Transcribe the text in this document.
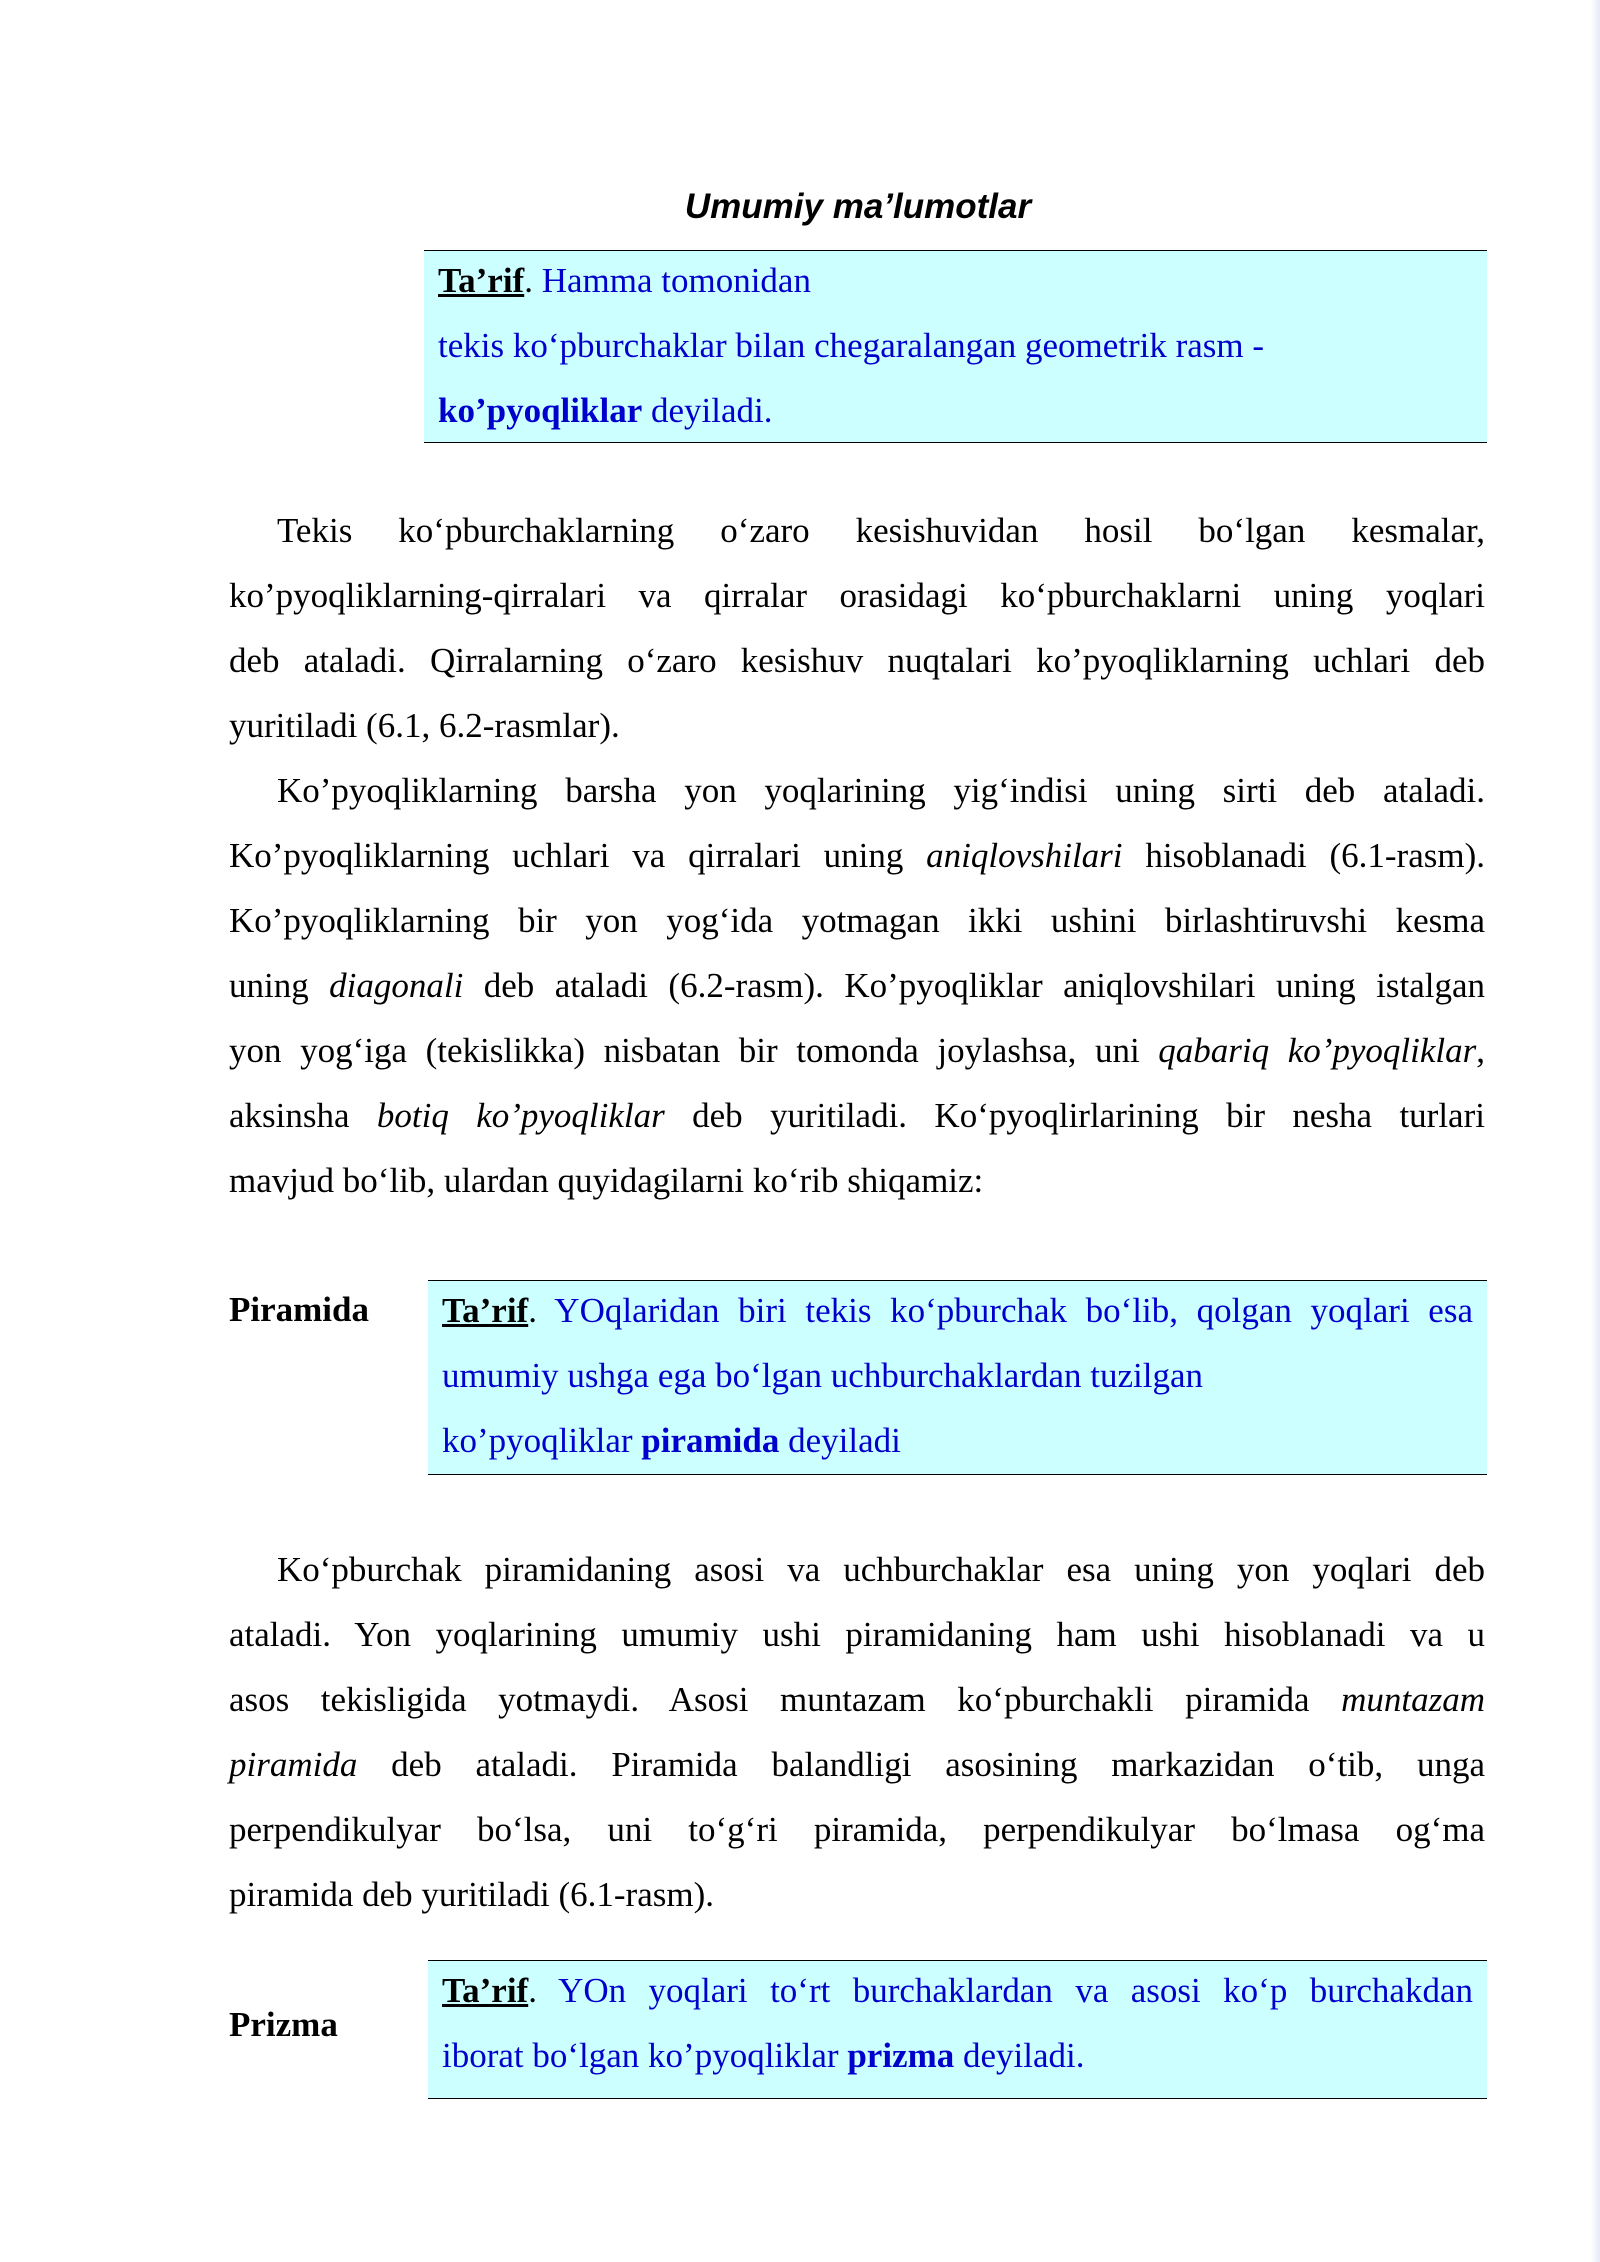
Umumiy ma’lumotlar

Ta’rif. Hamma tomonidan

tekis ko‘pburchaklar bilan chegaralangan geometrik rasm -

ko’pyoqliklar deyiladi.

Tekis ko‘pburchaklarning o‘zaro kesishuvidan hosil bo‘lgan kesmalar,
ko’pyoqliklarning-qirralari va qirralar orasidagi ko‘pburchaklarni uning yoqlari
deb ataladi. Qirralarning o‘zaro kesishuv nuqtalari ko’pyoqliklarning uchlari deb
yuritiladi (6.1, 6.2-rasmlar).
Ko’pyoqliklarning barsha yon yoqlarining yig‘indisi uning sirti deb ataladi.
Ko’pyoqliklarning uchlari va qirralari uning aniqlovshilari hisoblanadi (6.1-rasm).
Ko’pyoqliklarning bir yon yog‘ida yotmagan ikki ushini birlashtiruvshi kesma
uning diagonali deb ataladi (6.2-rasm). Ko’pyoqliklar aniqlovshilari uning istalgan
yon yog‘iga (tekislikka) nisbatan bir tomonda joylashsa, uni qabariq ko’pyoqliklar,
aksinsha botiq ko’pyoqliklar deb yuritiladi. Ko‘pyoqlirlarining bir nesha turlari
mavjud bo‘lib, ulardan quyidagilarni ko‘rib shiqamiz:
Piramida Ta’rif. YOqlaridan biri tekis ko‘pburchak bo‘lib, qolgan yoqlari esa

umumiy ushga ega bo‘lgan uchburchaklardan tuzilgan

ko’pyoqliklar piramida deyiladi

Ko‘pburchak piramidaning asosi va uchburchaklar esa uning yon yoqlari deb
ataladi. Yon yoqlarining umumiy ushi piramidaning ham ushi hisoblanadi va u
asos tekisligida yotmaydi. Asosi muntazam ko‘pburchakli piramida muntazam
piramida deb ataladi. Piramida balandligi asosining markazidan o‘tib, unga
perpendikulyar bo‘lsa, uni to‘g‘ri piramida, perpendikulyar bo‘lmasa og‘ma
piramida deb yuritiladi (6.1-rasm).
Prizma

Ta’rif. YOn yoqlari to‘rt burchaklardan va asosi ko‘p burchakdan

iborat bo‘lgan ko’pyoqliklar prizma deyiladi.
